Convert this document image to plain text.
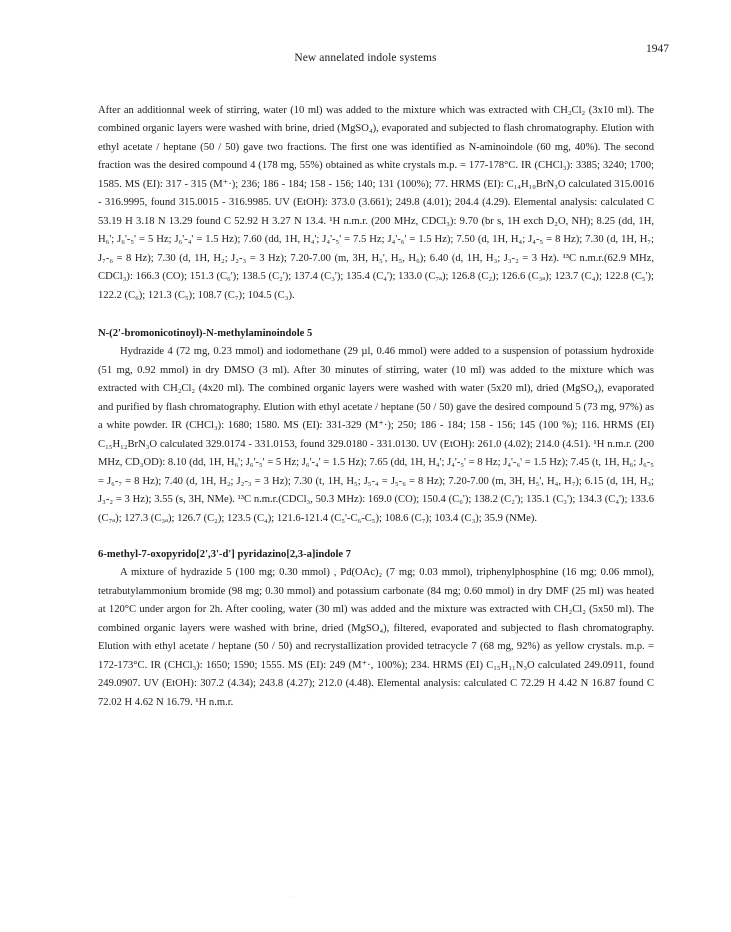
New annelated indole systems
1947

After an additionnal week of stirring, water (10 ml) was added to the mixture which was extracted with CH₂Cl₂ (3x10 ml). The combined organic layers were washed with brine, dried (MgSO₄), evaporated and subjected to flash chromatography. Elution with ethyl acetate / heptane (50 / 50) gave two fractions. The first one was identified as N-aminoindole (60 mg, 40%). The second fraction was the desired compound 4 (178 mg, 55%) obtained as white crystals m.p. = 177-178°C. IR (CHCl₃): 3385; 3240; 1700; 1585. MS (EI): 317 - 315 (M⁺·); 236; 186 - 184; 158 - 156; 140; 131 (100%); 77. HRMS (EI): C₁₄H₁₀BrN₃O calculated 315.0016 - 316.9995, found 315.0015 - 316.9985. UV (EtOH): 373.0 (3.661); 249.8 (4.01); 204.4 (4.29). Elemental analysis: calculated C 53.19 H 3.18 N 13.29 found C 52.92 H 3.27 N 13.4. ¹H n.m.r. (200 MHz, CDCl₃): 9.70 (br s, 1H exch D₂O, NH); 8.25 (dd, 1H, H₆'; J₆'-₅' = 5 Hz; J₆'-₄' = 1.5 Hz); 7.60 (dd, 1H, H₄'; J₄'-₅' = 7.5 Hz; J₄'-₆' = 1.5 Hz); 7.50 (d, 1H, H₄; J₄-₅ = 8 Hz); 7.30 (d, 1H, H₇; J₇-₆ = 8 Hz); 7.30 (d, 1H, H₂; J₂-₃ = 3 Hz); 7.20-7.00 (m, 3H, H₅', H₅, H₆); 6.40 (d, 1H, H₃; J₃-₂ = 3 Hz). ¹³C n.m.r.(62.9 MHz, CDCl₃): 166.3 (CO); 151.3 (C₆'); 138.5 (C₂'); 137.4 (C₃'); 135.4 (C₄'); 133.0 (C₇ₐ); 126.8 (C₂); 126.6 (C₃ₐ); 123.7 (C₄); 122.8 (C₅'); 122.2 (C₆); 121.3 (C₅); 108.7 (C₇); 104.5 (C₃).

N-(2'-bromonicotinoyl)-N-methylaminoindole 5

Hydrazide 4 (72 mg, 0.23 mmol) and iodomethane (29 µl, 0.46 mmol) were added to a suspension of potassium hydroxide (51 mg, 0.92 mmol) in dry DMSO (3 ml). After 30 minutes of stirring, water (10 ml) was added to the mixture which was extracted with CH₂Cl₂ (4x20 ml). The combined organic layers were washed with water (5x20 ml), dried (MgSO₄), evaporated and purified by flash chromatography. Elution with ethyl acetate / heptane (50 / 50) gave the desired compound 5 (73 mg, 97%) as a white powder. IR (CHCl₃): 1680; 1580. MS (EI): 331-329 (M⁺·); 250; 186 - 184; 158 - 156; 145 (100 %); 116. HRMS (EI) C₁₅H₁₂BrN₃O calculated 329.0174 - 331.0153, found 329.0180 - 331.0130. UV (EtOH): 261.0 (4.02); 214.0 (4.51). ¹H n.m.r. (200 MHz, CD₃OD): 8.10 (dd, 1H, H₆'; J₆'-₅' = 5 Hz; J₆'-₄' = 1.5 Hz); 7.65 (dd, 1H, H₄'; J₄'-₅' = 8 Hz; J₄'-₆' = 1.5 Hz); 7.45 (t, 1H, H₆; J₆-₅ = J₆-₇ = 8 Hz); 7.40 (d, 1H, H₂; J₂-₃ = 3 Hz); 7.30 (t, 1H, H₅; J₅-₄ = J₅-₆ = 8 Hz); 7.20-7.00 (m, 3H, H₅', H₄, H₇); 6.15 (d, 1H, H₃; J₃-₂ = 3 Hz); 3.55 (s, 3H, NMe). ¹³C n.m.r.(CDCl₃, 50.3 MHz): 169.0 (CO); 150.4 (C₆'); 138.2 (C₂'); 135.1 (C₃'); 134.3 (C₄'); 133.6 (C₇ₐ); 127.3 (C₃ₐ); 126.7 (C₂); 123.5 (C₄); 121.6-121.4 (C₅'-C₆-C₅); 108.6 (C₇); 103.4 (C₃); 35.9 (NMe).

6-methyl-7-oxopyrido[2',3'-d'] pyridazino[2,3-a]indole 7

A mixture of hydrazide 5 (100 mg; 0.30 mmol) , Pd(OAc)₂ (7 mg; 0.03 mmol), triphenylphosphine (16 mg; 0.06 mmol), tetrabutylammonium bromide (98 mg; 0.30 mmol) and potassium carbonate (84 mg; 0.60 mmol) in dry DMF (25 ml) was heated at 120°C under argon for 2h. After cooling, water (30 ml) was added and the mixture was extracted with CH₂Cl₂ (5x50 ml). The combined organic layers were washed with brine, dried (MgSO₄), filtered, evaporated and subjected to flash chromatography. Elution with ethyl acetate / heptane (50 / 50) and recrystallization provided tetracycle 7 (68 mg, 92%) as yellow crystals. m.p. = 172-173°C. IR (CHCl₃): 1650; 1590; 1555. MS (EI): 249 (M⁺·, 100%); 234. HRMS (EI) C₁₅H₁₁N₃O calculated 249.0911, found 249.0907. UV (EtOH): 307.2 (4.34); 243.8 (4.27); 212.0 (4.48). Elemental analysis: calculated C 72.29 H 4.42 N 16.87 found C 72.02 H 4.62 N 16.79. ¹H n.m.r.

· ·
